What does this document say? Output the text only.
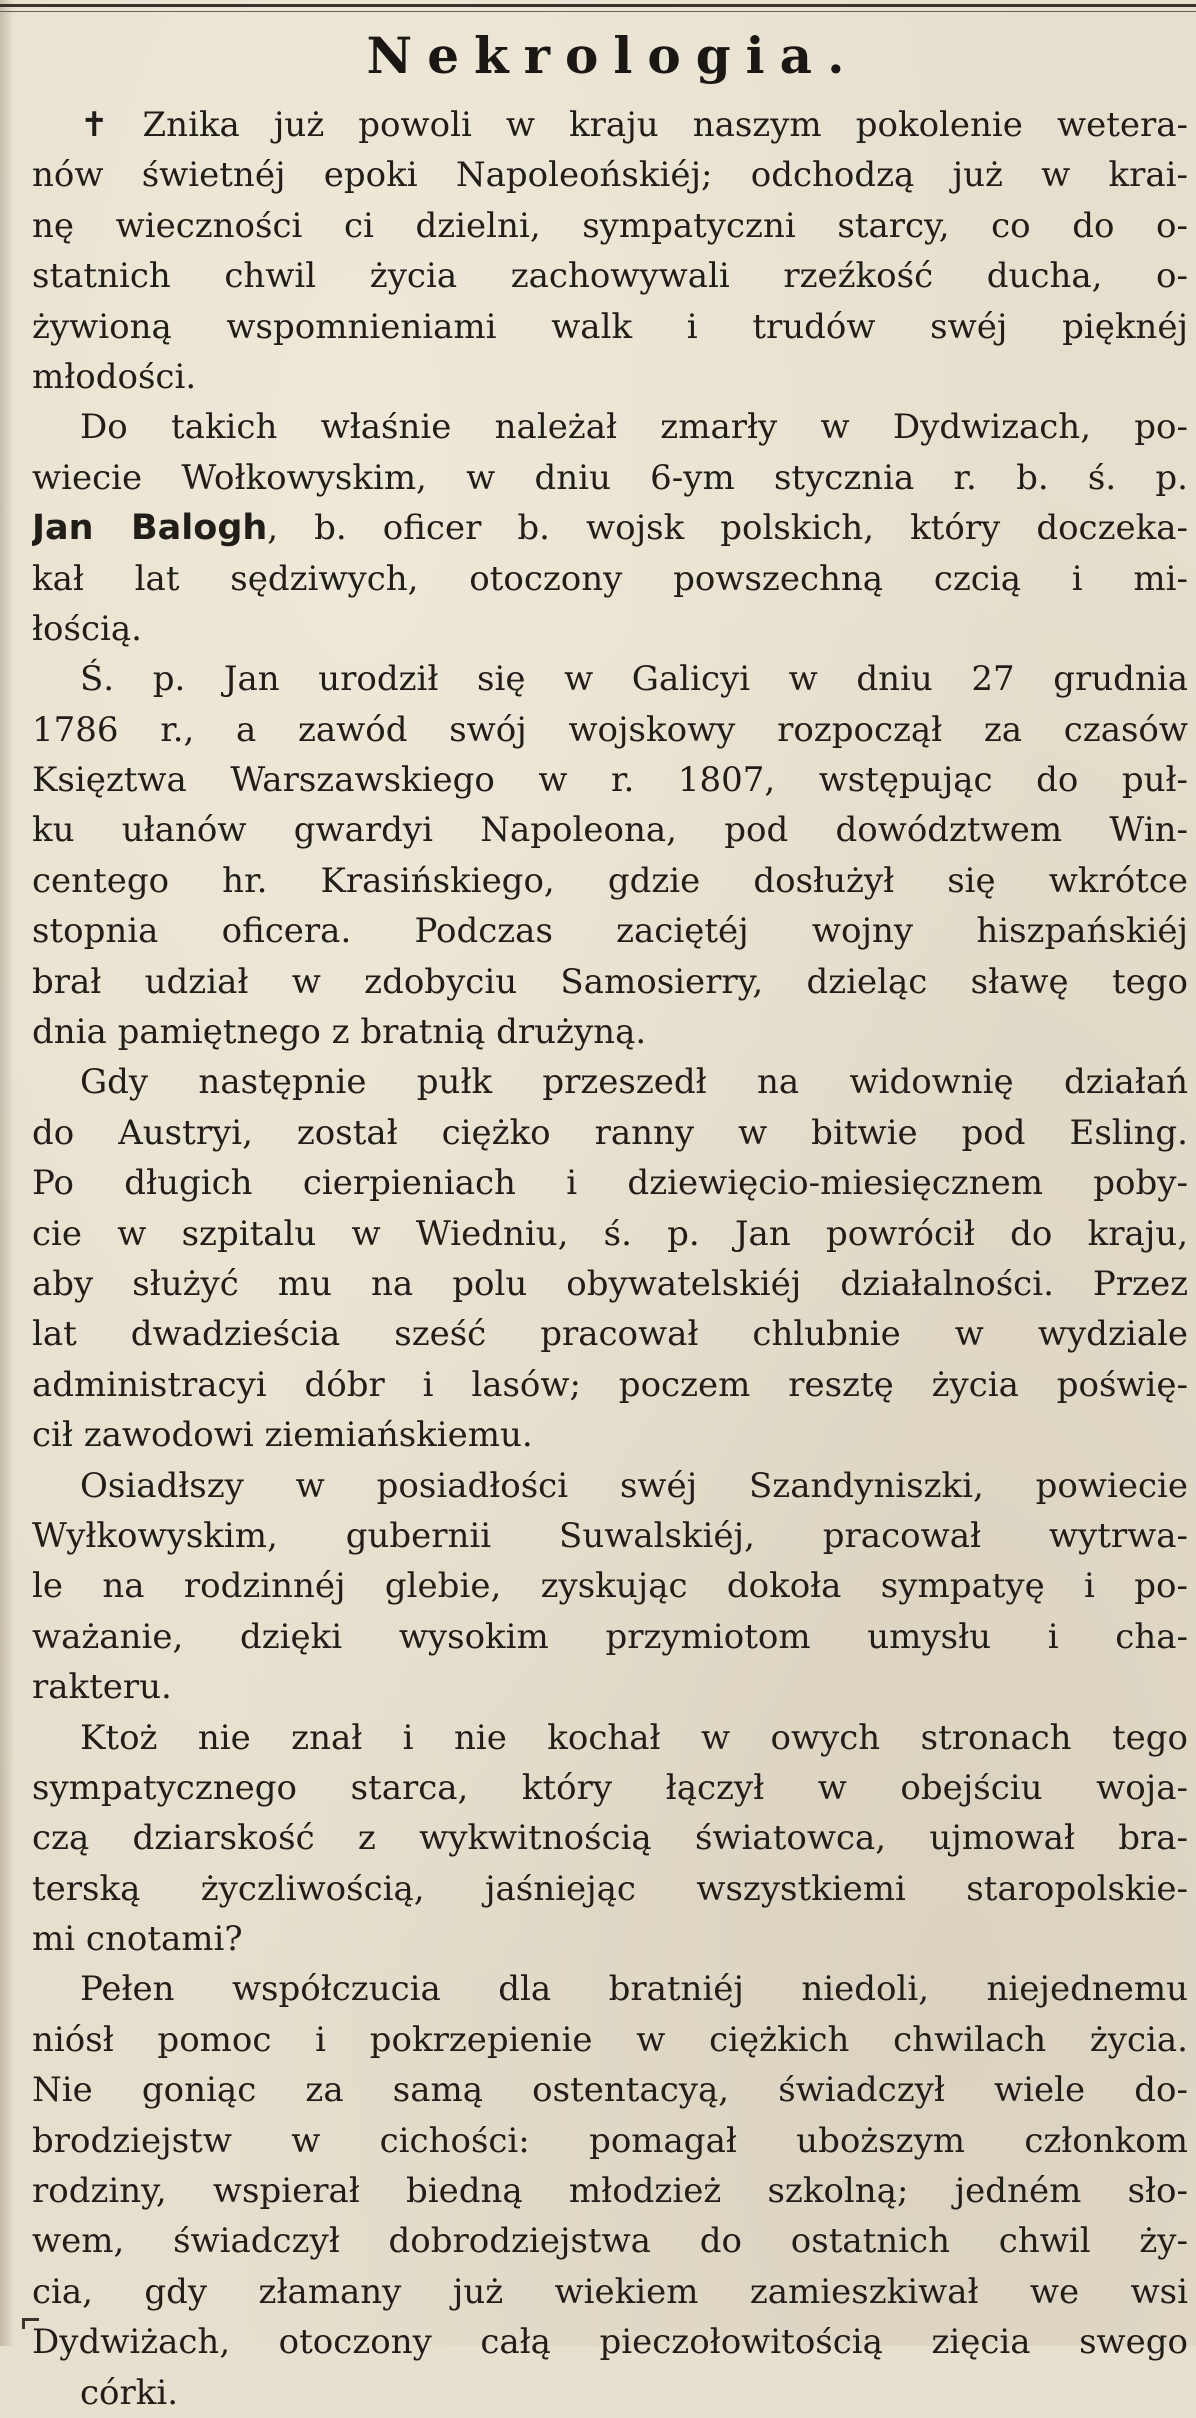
Nekrologia.
✝ Znika już powoli w kraju naszym pokolenie wetera-
nów świetnéj epoki Napoleońskiéj; odchodzą już w krai-
nę wieczności ci dzielni, sympatyczni starcy, co do o-
statnich chwil życia zachowywali rzeźkość ducha, o-
żywioną wspomnieniami walk i trudów swéj pięknéj
młodości.
Do takich właśnie należał zmarły w Dydwizach, po-
wiecie Wołkowyskim, w dniu 6-ym stycznia r. b. ś. p.
Jan Balogh, b. oficer b. wojsk polskich, który doczeka-
kał lat sędziwych, otoczony powszechną czcią i mi-
łością.
Ś. p. Jan urodził się w Galicyi w dniu 27 grudnia
1786 r., a zawód swój wojskowy rozpoczął za czasów
Księztwa Warszawskiego w r. 1807, wstępując do puł-
ku ułanów gwardyi Napoleona, pod dowództwem Win-
centego hr. Krasińskiego, gdzie dosłużył się wkrótce
stopnia oficera. Podczas zaciętéj wojny hiszpańskiéj
brał udział w zdobyciu Samosierry, dzieląc sławę tego
dnia pamiętnego z bratnią drużyną.
Gdy następnie pułk przeszedł na widownię działań
do Austryi, został ciężko ranny w bitwie pod Esling.
Po długich cierpieniach i dziewięcio-miesięcznem poby-
cie w szpitalu w Wiedniu, ś. p. Jan powrócił do kraju,
aby służyć mu na polu obywatelskiéj działalności. Przez
lat dwadzieścia sześć pracował chlubnie w wydziale
administracyi dóbr i lasów; poczem resztę życia poświę-
cił zawodowi ziemiańskiemu.
Osiadłszy w posiadłości swéj Szandyniszki, powiecie
Wyłkowyskim, gubernii Suwalskiéj, pracował wytrwa-
le na rodzinnéj glebie, zyskując dokoła sympatyę i po-
ważanie, dzięki wysokim przymiotom umysłu i cha-
rakteru.
Ktoż nie znał i nie kochał w owych stronach tego
sympatycznego starca, który łączył w obejściu woja-
czą dziarskość z wykwitnością światowca, ujmował bra-
terską życzliwością, jaśniejąc wszystkiemi staropolskie-
mi cnotami?
Pełen współczucia dla bratniéj niedoli, niejednemu
niósł pomoc i pokrzepienie w ciężkich chwilach życia.
Nie goniąc za samą ostentacyą, świadczył wiele do-
brodziejstw w cichości: pomagał uboższym członkom
rodziny, wspierał biedną młodzież szkolną; jedném sło-
wem, świadczył dobrodziejstwa do ostatnich chwil ży-
cia, gdy złamany już wiekiem zamieszkiwał we wsi
Dydwiżach, otoczony całą pieczołowitością zięcia swego
córki.
